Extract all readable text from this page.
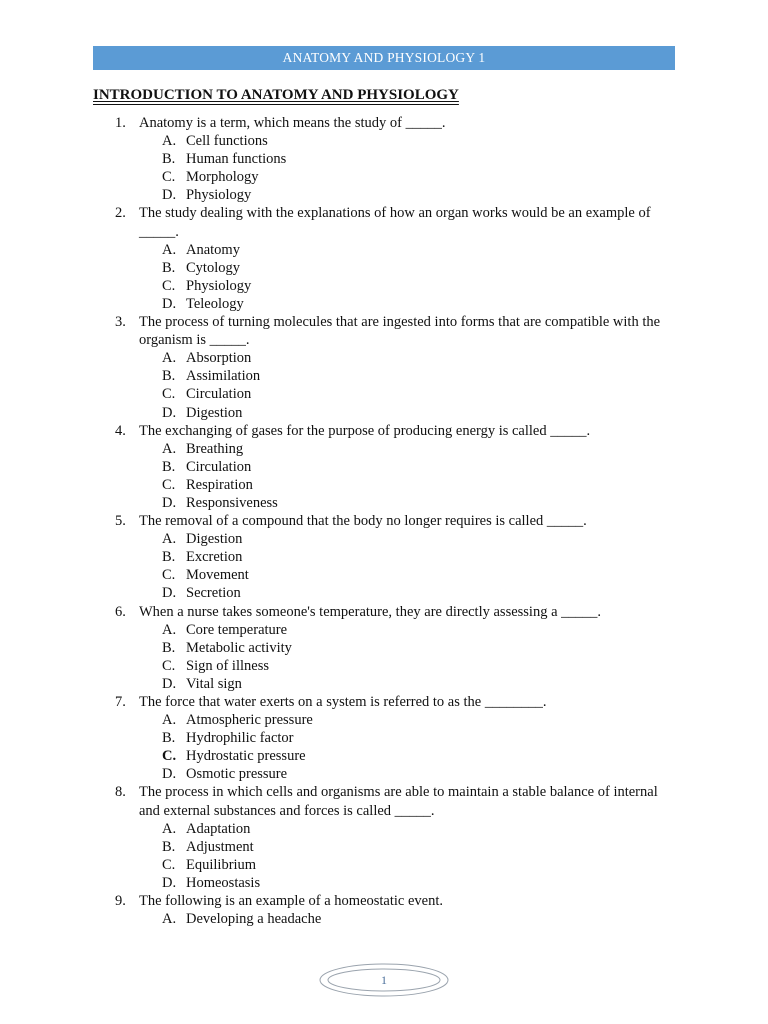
ANATOMY AND PHYSIOLOGY 1
INTRODUCTION TO ANATOMY AND PHYSIOLOGY
1. Anatomy is a term, which means the study of _____.
A. Cell functions
B. Human functions
C. Morphology
D. Physiology
2. The study dealing with the explanations of how an organ works would be an example of _____.
A. Anatomy
B. Cytology
C. Physiology
D. Teleology
3. The process of turning molecules that are ingested into forms that are compatible with the organism is _____.
A. Absorption
B. Assimilation
C. Circulation
D. Digestion
4. The exchanging of gases for the purpose of producing energy is called _____.
A. Breathing
B. Circulation
C. Respiration
D. Responsiveness
5. The removal of a compound that the body no longer requires is called _____.
A. Digestion
B. Excretion
C. Movement
D. Secretion
6. When a nurse takes someone's temperature, they are directly assessing a _____.
A. Core temperature
B. Metabolic activity
C. Sign of illness
D. Vital sign
7. The force that water exerts on a system is referred to as the ________.
A. Atmospheric pressure
B. Hydrophilic factor
C. Hydrostatic pressure
D. Osmotic pressure
8. The process in which cells and organisms are able to maintain a stable balance of internal and external substances and forces is called _____.
A. Adaptation
B. Adjustment
C. Equilibrium
D. Homeostasis
9. The following is an example of a homeostatic event.
A. Developing a headache
1
